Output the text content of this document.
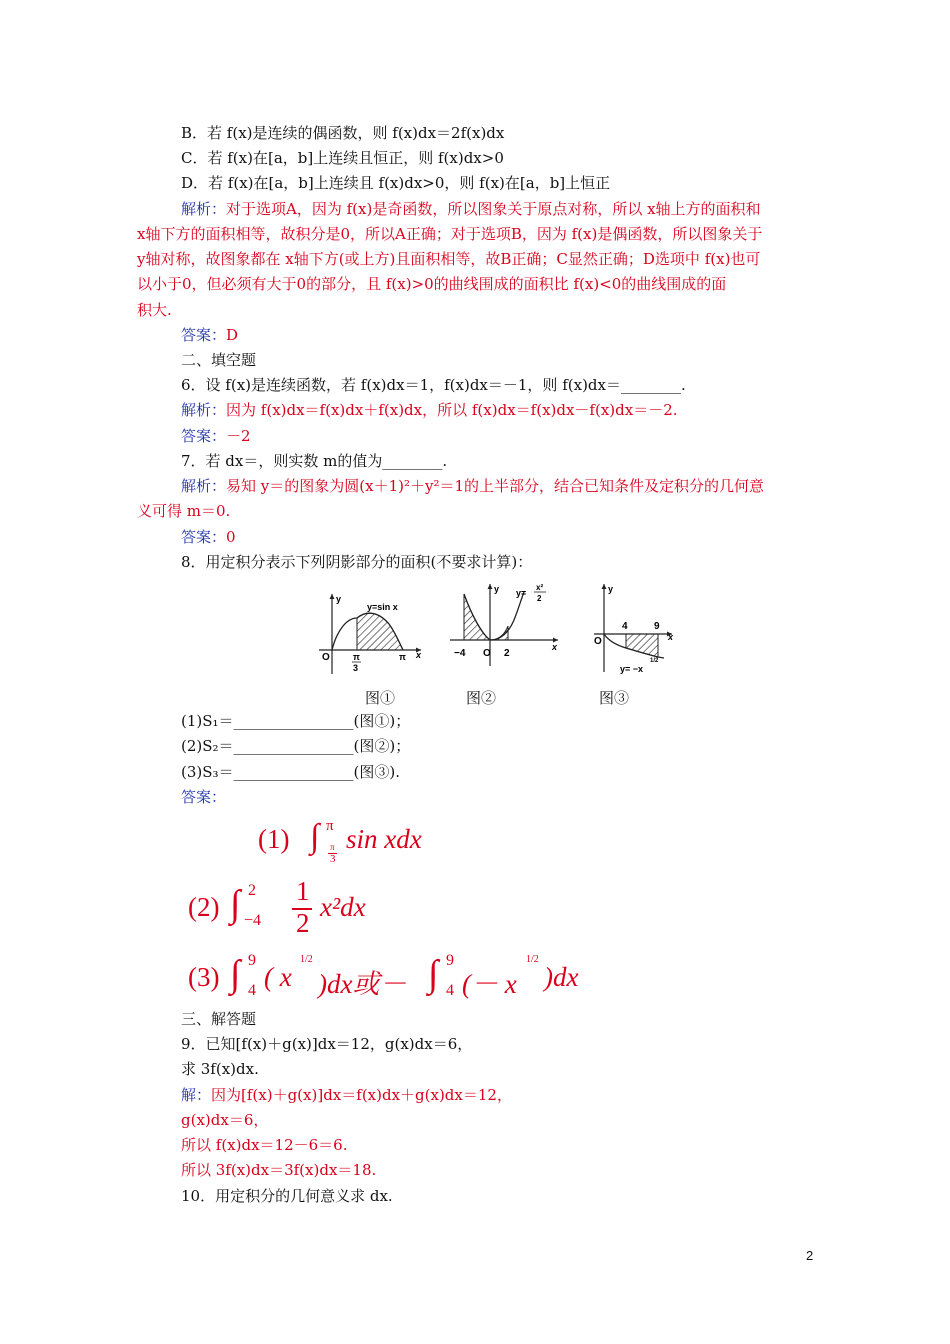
B．若 f(x)是连续的偶函数，则 f(x)dx＝2f(x)dx
C．若 f(x)在[a，b]上连续且恒正，则 f(x)dx>0
D．若 f(x)在[a，b]上连续且 f(x)dx>0，则 f(x)在[a，b]上恒正
解析：对于选项A，因为 f(x)是奇函数，所以图象关于原点对称，所以 x轴上方的面积和
x轴下方的面积相等，故积分是0，所以A正确；对于选项B，因为 f(x)是偶函数，所以图象关于
y轴对称，故图象都在 x轴下方(或上方)且面积相等，故B正确；C显然正确；D选项中 f(x)也可
以小于0，但必须有大于0的部分，且 f(x)>0的曲线围成的面积比 f(x)<0的曲线围成的面
积大.
答案：D
二、填空题
6．设 f(x)是连续函数，若 f(x)dx＝1，f(x)dx＝－1，则 f(x)dx＝________.
解析：因为 f(x)dx＝f(x)dx＋f(x)dx，所以 f(x)dx＝f(x)dx－f(x)dx＝－2.
答案：－2
7．若 dx＝，则实数 m的值为________.
解析：易知 y＝的图象为圆(x＋1)²＋y²＝1的上半部分，结合已知条件及定积分的几何意
义可得 m＝0.
答案：0
8．用定积分表示下列阴影部分的面积(不要求计算)：
y
y=sin x
O	π
3
π x
y y=
x²
2
−4 O 2
x
y
O
4	9
x
y= −x
1/2
图①	图②	图③
(1)S₁＝________________(图①)；
(2)S₂＝________________(图②)；
(3)S₃＝________________(图③).
答案：
(1) ∫ π
π
3
sin xdx
(2) ∫ 2
−4
1
2
x²dx
(3) ∫ 9
4 ( x
1/2
)dx或－ ∫ 9
4 (－ x
1/2
)dx
三、解答题
9．已知[f(x)＋g(x)]dx＝12，g(x)dx＝6，
求 3f(x)dx.
解：因为[f(x)＋g(x)]dx＝f(x)dx＋g(x)dx＝12，
g(x)dx＝6，
所以 f(x)dx＝12－6＝6.
所以 3f(x)dx＝3f(x)dx＝18.
10．用定积分的几何意义求 dx.
2
